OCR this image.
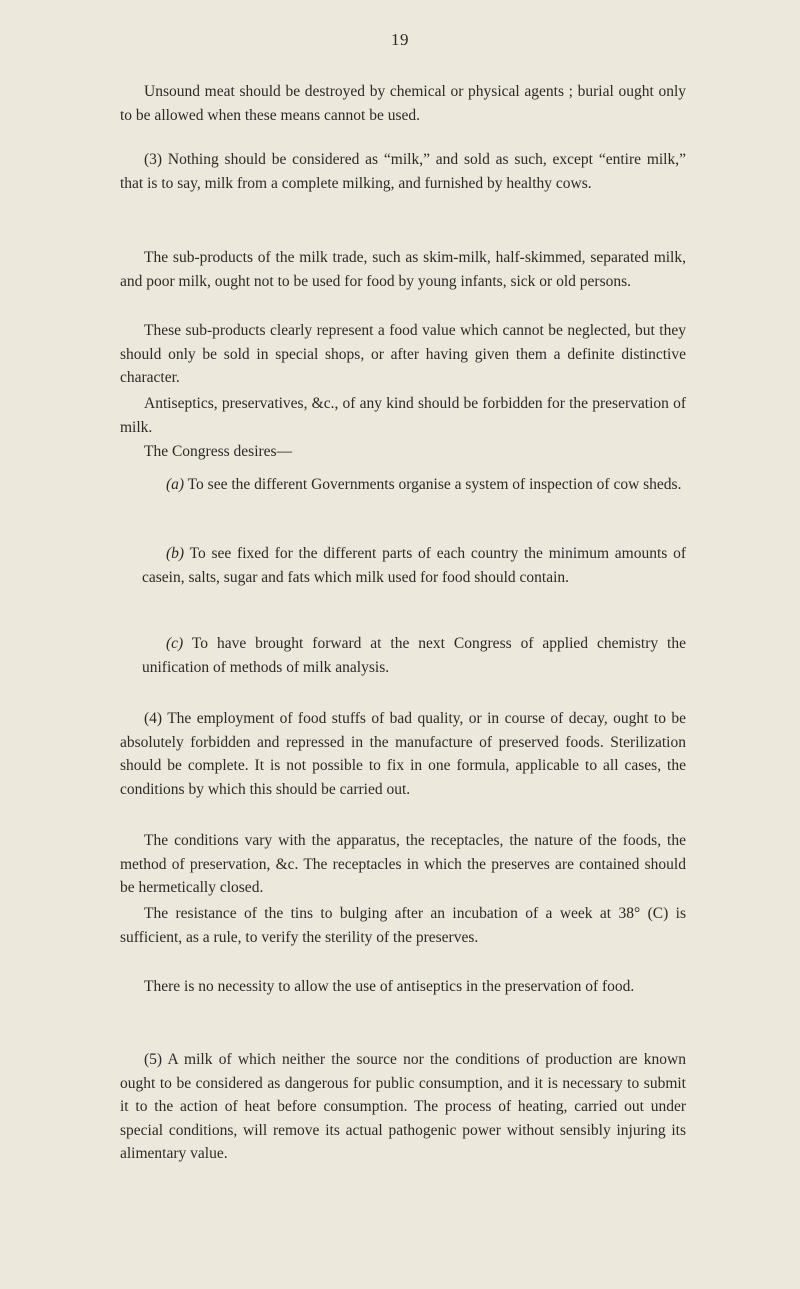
19

Unsound meat should be destroyed by chemical or physical agents ; burial ought only to be allowed when these means cannot be used.

(3) Nothing should be considered as “milk,” and sold as such, except “entire milk,” that is to say, milk from a complete milking, and furnished by healthy cows.

The sub-products of the milk trade, such as skim-milk, half-skimmed, separated milk, and poor milk, ought not to be used for food by young infants, sick or old persons.

These sub-products clearly represent a food value which cannot be neglected, but they should only be sold in special shops, or after having given them a definite distinctive character.

Antiseptics, preservatives, &c., of any kind should be forbidden for the preservation of milk.

The Congress desires—

(a) To see the different Governments organise a system of inspection of cow sheds.

(b) To see fixed for the different parts of each country the minimum amounts of casein, salts, sugar and fats which milk used for food should contain.

(c) To have brought forward at the next Congress of applied chemistry the unification of methods of milk analysis.

(4) The employment of food stuffs of bad quality, or in course of decay, ought to be absolutely forbidden and repressed in the manufacture of preserved foods. Sterilization should be complete. It is not possible to fix in one formula, applicable to all cases, the conditions by which this should be carried out.

The conditions vary with the apparatus, the receptacles, the nature of the foods, the method of preservation, &c. The receptacles in which the preserves are contained should be hermetically closed.

The resistance of the tins to bulging after an incubation of a week at 38° (C) is sufficient, as a rule, to verify the sterility of the preserves.

There is no necessity to allow the use of antiseptics in the preservation of food.

(5) A milk of which neither the source nor the conditions of production are known ought to be considered as dangerous for public consumption, and it is necessary to submit it to the action of heat before consumption. The process of heating, carried out under special conditions, will remove its actual pathogenic power without sensibly injuring its alimentary value.
